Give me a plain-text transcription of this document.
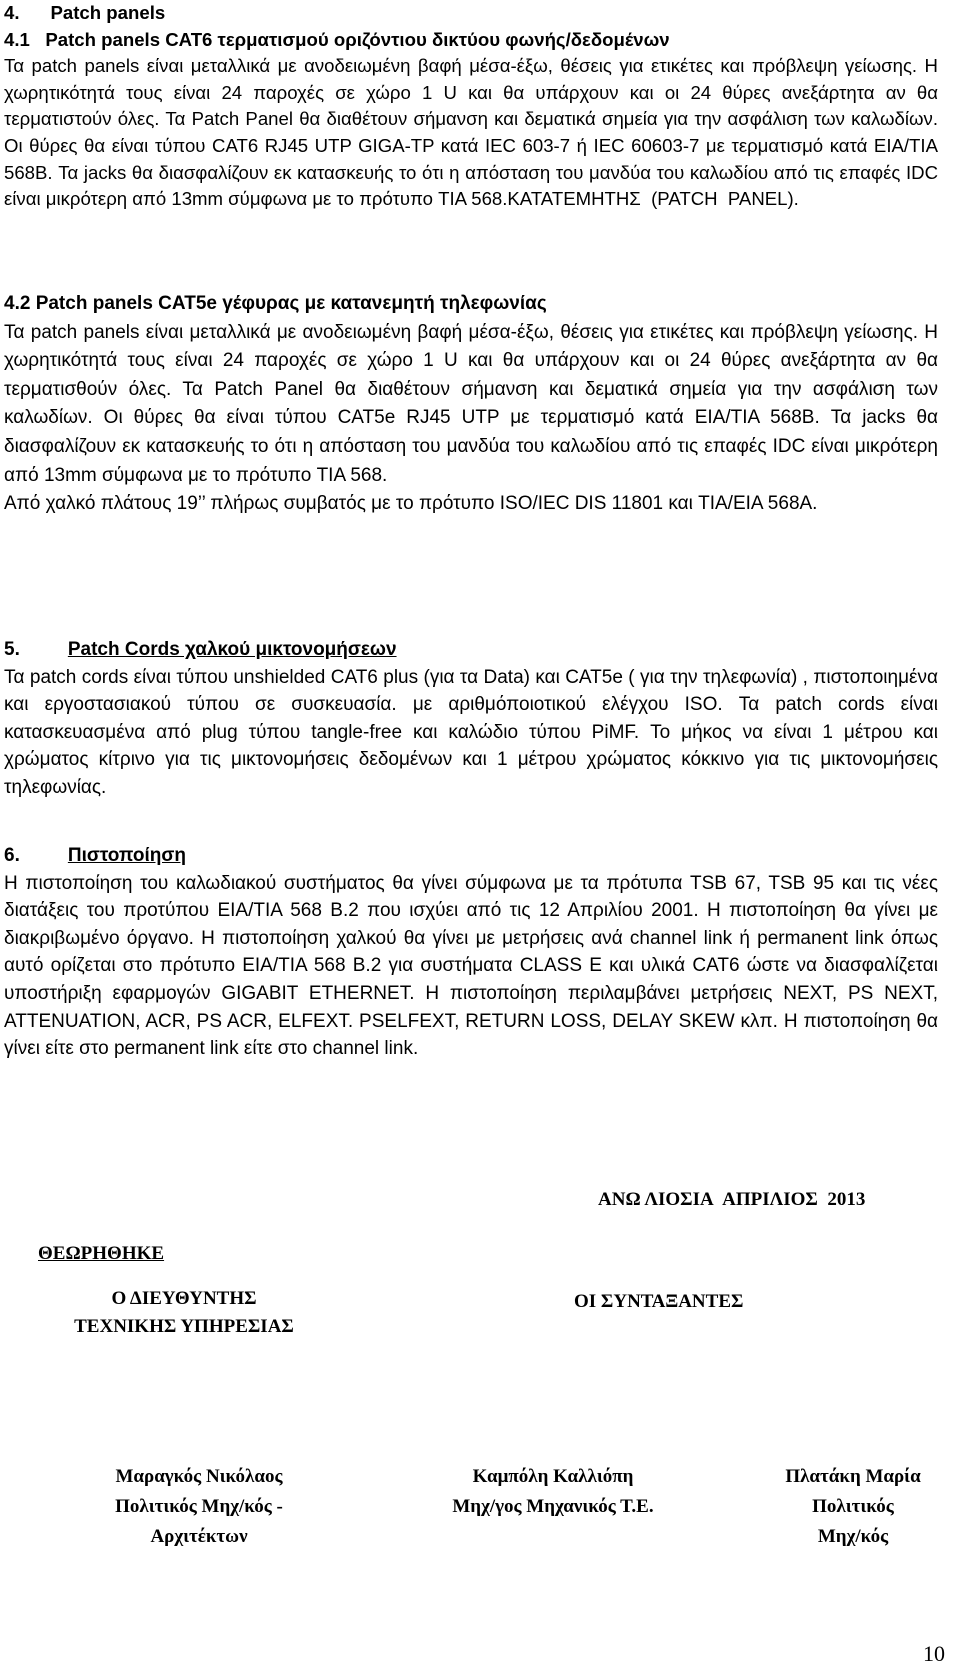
4.      Patch panels

4.1   Patch panels CAT6 τερματισμού οριζόντιου δικτύου φωνής/δεδομένων

Τα patch panels είναι μεταλλικά με ανοδειωμένη βαφή μέσα-έξω, θέσεις για ετικέτες και πρόβλεψη γείωσης. Η χωρητικότητά τους είναι 24 παροχές σε χώρο 1 U και θα υπάρχουν και οι 24 θύρες ανεξάρτητα αν θα τερματιστούν όλες. Τα Patch Panel θα διαθέτουν σήμανση και δεματικά σημεία για την ασφάλιση των καλωδίων. Οι θύρες θα είναι τύπου CAT6 RJ45 UTP GIGA-TP κατά IEC 603-7 ή IEC 60603-7 με τερματισμό κατά EIA/TIA 568B. Τα jacks θα διασφαλίζουν εκ κατασκευής το ότι η απόσταση του μανδύα του καλωδίου από τις επαφές IDC είναι μικρότερη από 13mm σύμφωνα με το πρότυπο TIA 568.ΚΑΤΑΤΕΜΗΤΗΣ  (PATCH  PANEL).

4.2 Patch panels CAT5e γέφυρας με κατανεμητή τηλεφωνίας

Τα patch panels είναι μεταλλικά με ανοδειωμένη βαφή μέσα-έξω, θέσεις για ετικέτες και πρόβλεψη γείωσης. Η χωρητικότητά τους είναι 24 παροχές σε χώρο 1 U και θα υπάρχουν και οι 24 θύρες ανεξάρτητα αν θα τερματισθούν όλες. Τα Patch Panel θα διαθέτουν σήμανση και δεματικά σημεία για την ασφάλιση των καλωδίων. Οι θύρες θα είναι τύπου CAT5e RJ45 UTP με τερματισμό κατά EIA/TIA 568B. Τα jacks θα διασφαλίζουν εκ κατασκευής το ότι η απόσταση του μανδύα του καλωδίου από τις επαφές IDC είναι μικρότερη από 13mm σύμφωνα με το πρότυπο TIA 568.

Από χαλκό πλάτους 19’’ πλήρως συμβατός με το πρότυπο ISO/IEC DIS 11801 και TIA/EIA 568A.

5.	Patch Cords χαλκού μικτονομήσεων

Τα patch cords είναι τύπου unshielded CAT6 plus (για τα Data) και CAT5e ( για την τηλεφωνία) , πιστοποιημένα και εργοστασιακού τύπου σε συσκευασία. με αριθμόποιοτικού ελέγχου ISO. Τα patch cords είναι κατασκευασμένα από plug τύπου tangle-free και καλώδιο τύπου PiMF. Το μήκος να είναι 1 μέτρου και χρώματος κίτρινο για τις μικτονομήσεις δεδομένων και 1 μέτρου χρώματος κόκκινο για τις μικτονομήσεις τηλεφωνίας.

6.	Πιστοποίηση

Η πιστοποίηση του καλωδιακού συστήματος θα γίνει σύμφωνα με τα πρότυπα TSB 67, TSB 95 και τις νέες διατάξεις του προτύπου EIA/TIA 568 B.2 που ισχύει από τις 12 Απριλίου 2001. Η πιστοποίηση θα γίνει με διακριβωμένο όργανο. Η πιστοποίηση χαλκού θα γίνει με μετρήσεις ανά channel link ή permanent link όπως αυτό ορίζεται στο πρότυπο EIA/TIA 568 B.2 για συστήματα CLASS E και υλικά CAT6 ώστε να διασφαλίζεται υποστήριξη εφαρμογών GIGABIT ETHERNET. Η πιστοποίηση περιλαμβάνει μετρήσεις NEXT, PS NEXT, ATTENUATION, ACR, PS ACR, ELFEXT. PSELFEXT, RETURN LOSS, DELAY SKEW κλπ. Η πιστοποίηση θα γίνει είτε στο permanent link είτε στο channel link.

ΑΝΩ ΛΙΟΣΙΑ  ΑΠΡΙΛΙΟΣ  2013
ΘΕΩΡΗΘΗΚΕ
Ο ΔΙΕΥΘΥΝΤΗΣ
ΤΕΧΝΙΚΗΣ ΥΠΗΡΕΣΙΑΣ
ΟΙ ΣΥΝΤΑΞΑΝΤΕΣ
Μαραγκός Νικόλαος
Πολιτικός Μηχ/κός -
Αρχιτέκτων
Καμπόλη Καλλιόπη
Μηχ/γος Μηχανικός Τ.Ε.
Πλατάκη Μαρία
Πολιτικός
Μηχ/κός
10
